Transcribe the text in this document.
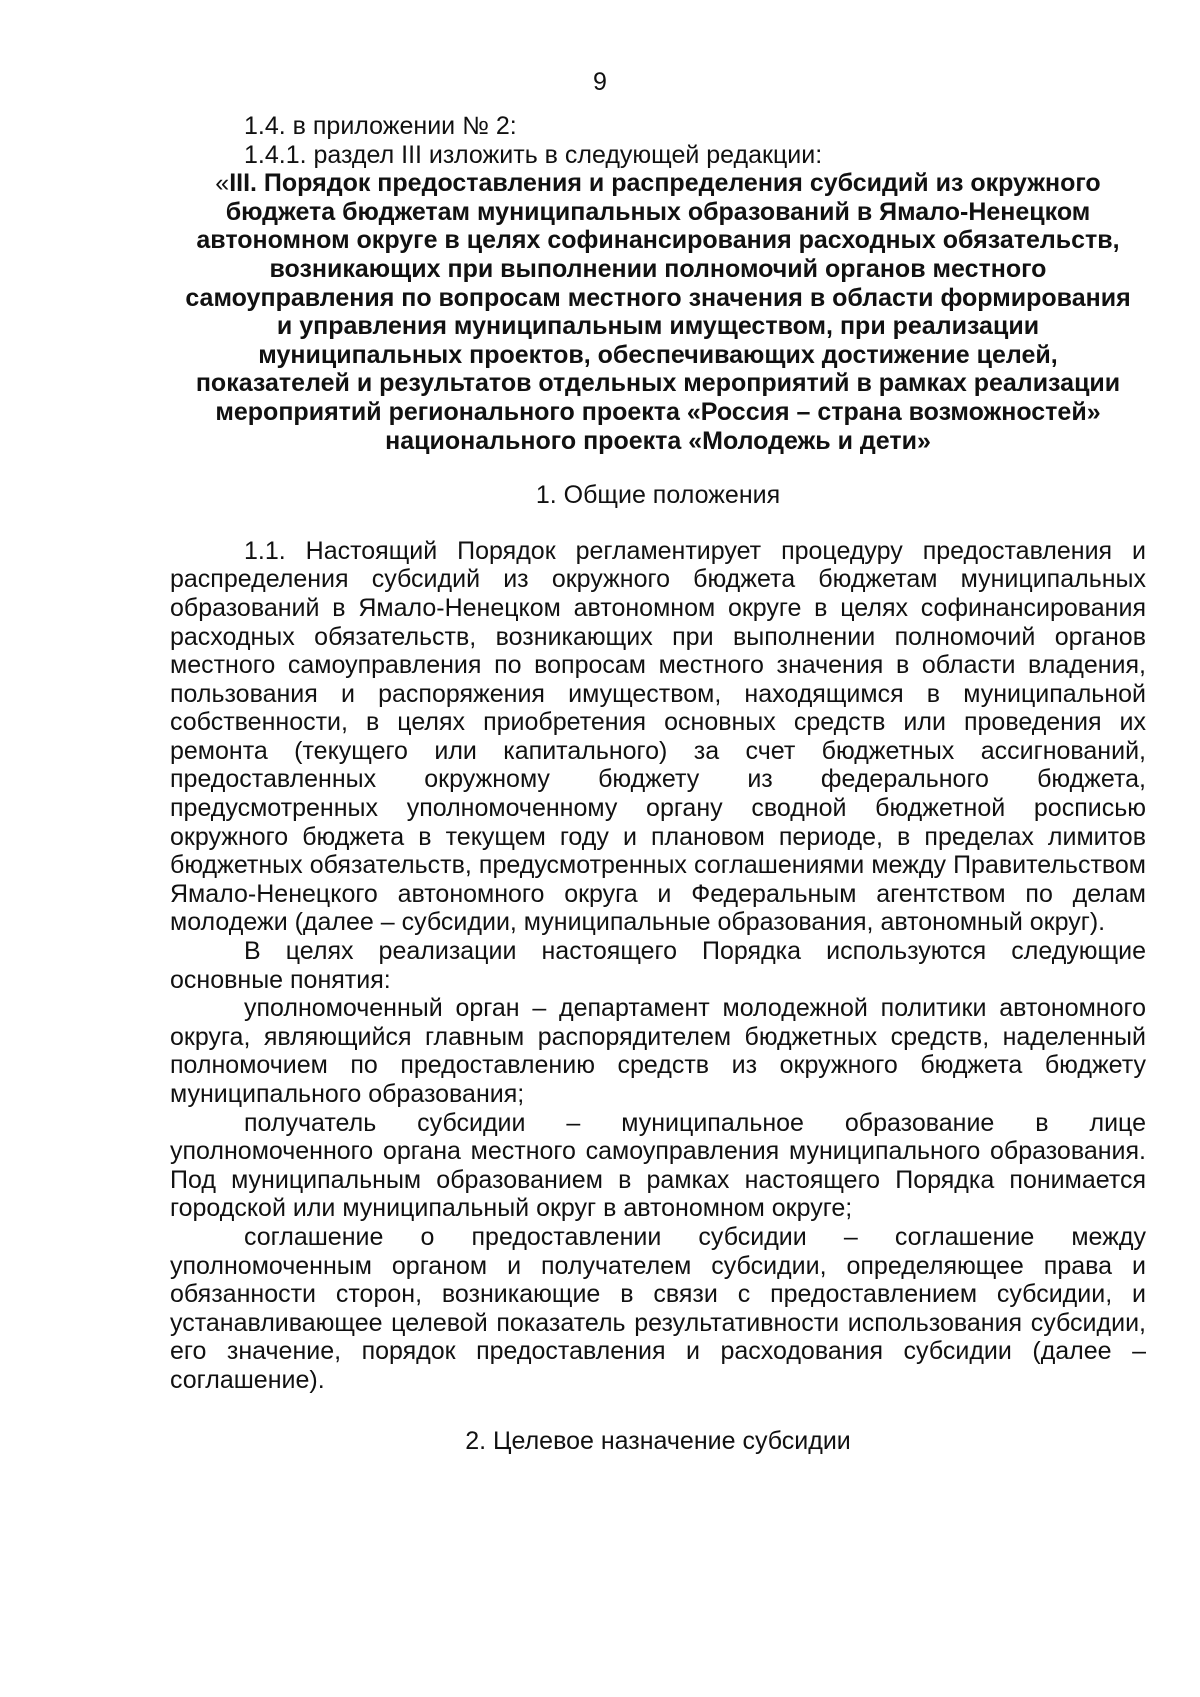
9

1.4. в приложении № 2:

1.4.1. раздел III изложить в следующей редакции:

«III. Порядок предоставления и распределения субсидий из окружного бюджета бюджетам муниципальных образований в Ямало-Ненецком автономном округе в целях софинансирования расходных обязательств, возникающих при выполнении полномочий органов местного самоуправления по вопросам местного значения в области формирования и управления муниципальным имуществом, при реализации муниципальных проектов, обеспечивающих достижение целей, показателей и результатов отдельных мероприятий в рамках реализации мероприятий регионального проекта «Россия – страна возможностей» национального проекта «Молодежь и дети»
1. Общие положения

1.1. Настоящий Порядок регламентирует процедуру предоставления и распределения субсидий из окружного бюджета бюджетам муниципальных образований в Ямало-Ненецком автономном округе в целях софинансирования расходных обязательств, возникающих при выполнении полномочий органов местного самоуправления по вопросам местного значения в области владения, пользования и распоряжения имуществом, находящимся в муниципальной собственности, в целях приобретения основных средств или проведения их ремонта (текущего или капитального) за счет бюджетных ассигнований, предоставленных окружному бюджету из федерального бюджета, предусмотренных уполномоченному органу сводной бюджетной росписью окружного бюджета в текущем году и плановом периоде, в пределах лимитов бюджетных обязательств, предусмотренных соглашениями между Правительством Ямало-Ненецкого автономного округа и Федеральным агентством по делам молодежи (далее – субсидии, муниципальные образования, автономный округ).

В целях реализации настоящего Порядка используются следующие основные понятия:

уполномоченный орган – департамент молодежной политики автономного округа, являющийся главным распорядителем бюджетных средств, наделенный полномочием по предоставлению средств из окружного бюджета бюджету муниципального образования;

получатель субсидии – муниципальное образование в лице уполномоченного органа местного самоуправления муниципального образования. Под муниципальным образованием в рамках настоящего Порядка понимается городской или муниципальный округ в автономном округе;

соглашение о предоставлении субсидии – соглашение между уполномоченным органом и получателем субсидии, определяющее права и обязанности сторон, возникающие в связи с предоставлением субсидии, и устанавливающее целевой показатель результативности использования субсидии, его значение, порядок предоставления и расходования субсидии (далее – соглашение).

2. Целевое назначение субсидии
